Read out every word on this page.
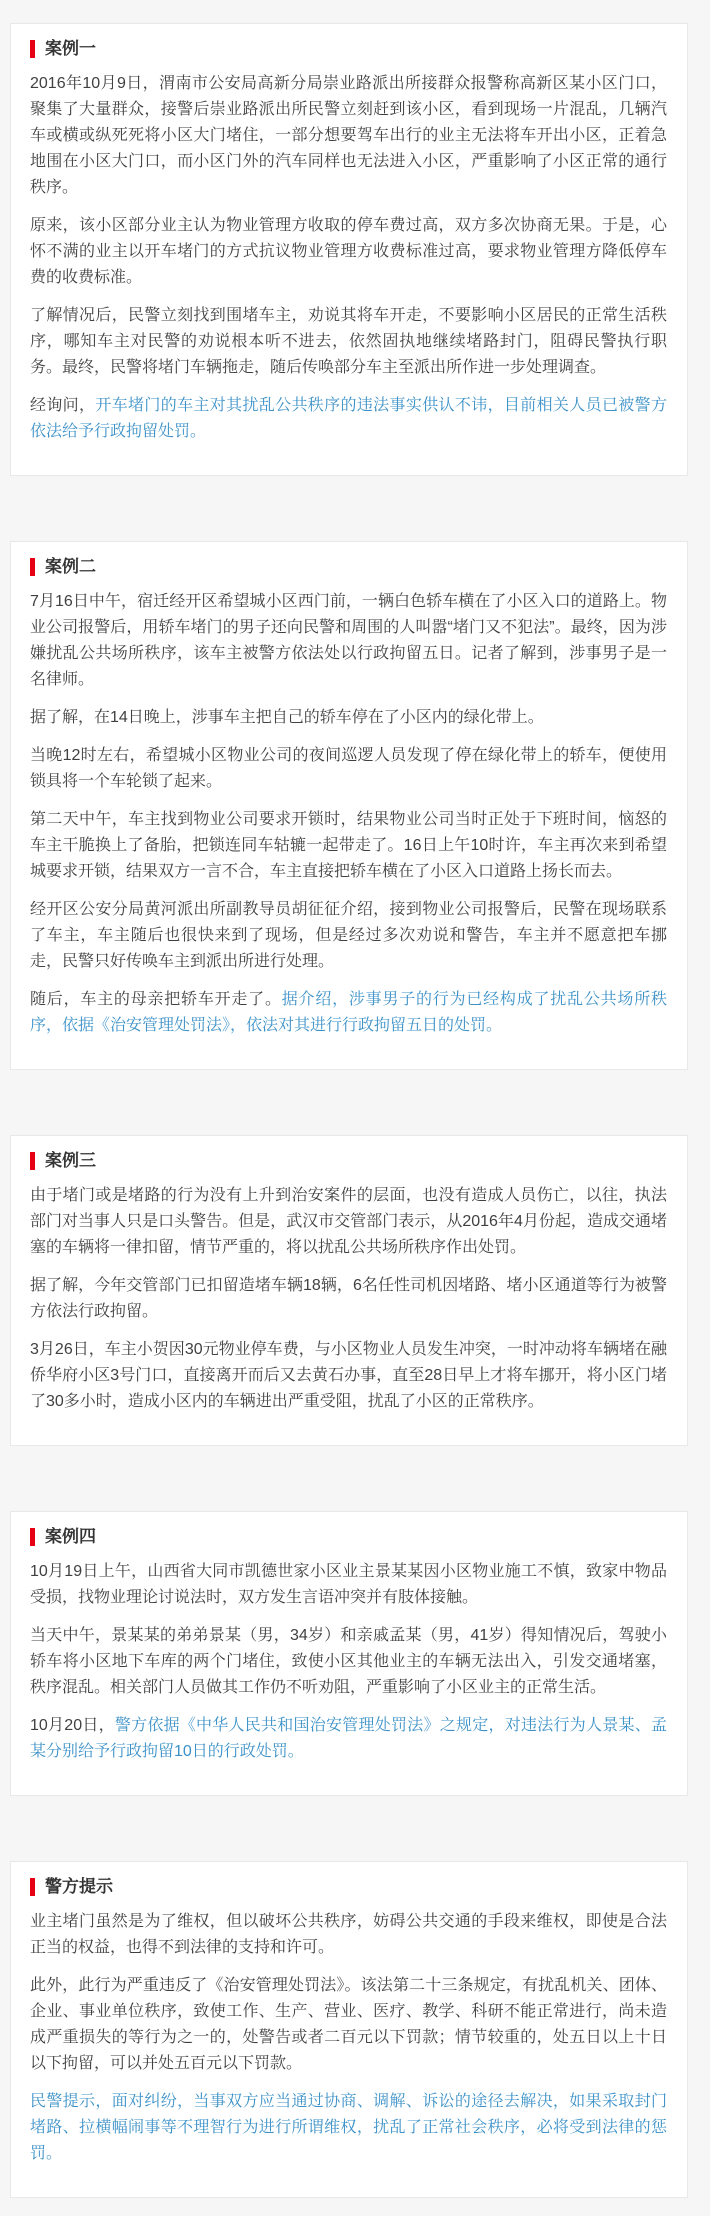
案例一

2016年10月9日，渭南市公安局高新分局崇业路派出所接群众报警称高新区某小区门口，聚集了大量群众，接警后崇业路派出所民警立刻赶到该小区，看到现场一片混乱，几辆汽车或横或纵死死将小区大门堵住，一部分想要驾车出行的业主无法将车开出小区，正着急地围在小区大门口，而小区门外的汽车同样也无法进入小区，严重影响了小区正常的通行秩序。

原来，该小区部分业主认为物业管理方收取的停车费过高，双方多次协商无果。于是，心怀不满的业主以开车堵门的方式抗议物业管理方收费标准过高，要求物业管理方降低停车费的收费标准。

了解情况后，民警立刻找到围堵车主，劝说其将车开走，不要影响小区居民的正常生活秩序，哪知车主对民警的劝说根本听不进去，依然固执地继续堵路封门，阻碍民警执行职务。最终，民警将堵门车辆拖走，随后传唤部分车主至派出所作进一步处理调查。

经询问，开车堵门的车主对其扰乱公共秩序的违法事实供认不讳，目前相关人员已被警方依法给予行政拘留处罚。

案例二

7月16日中午，宿迁经开区希望城小区西门前，一辆白色轿车横在了小区入口的道路上。物业公司报警后，用轿车堵门的男子还向民警和周围的人叫嚣“堵门又不犯法”。最终，因为涉嫌扰乱公共场所秩序，该车主被警方依法处以行政拘留五日。记者了解到，涉事男子是一名律师。

据了解，在14日晚上，涉事车主把自己的轿车停在了小区内的绿化带上。

当晚12时左右，希望城小区物业公司的夜间巡逻人员发现了停在绿化带上的轿车，便使用锁具将一个车轮锁了起来。

第二天中午，车主找到物业公司要求开锁时，结果物业公司当时正处于下班时间，恼怒的车主干脆换上了备胎，把锁连同车轱辘一起带走了。16日上午10时许，车主再次来到希望城要求开锁，结果双方一言不合，车主直接把轿车横在了小区入口道路上扬长而去。

经开区公安分局黄河派出所副教导员胡征征介绍，接到物业公司报警后，民警在现场联系了车主，车主随后也很快来到了现场，但是经过多次劝说和警告，车主并不愿意把车挪走，民警只好传唤车主到派出所进行处理。

随后，车主的母亲把轿车开走了。据介绍，涉事男子的行为已经构成了扰乱公共场所秩序，依据《治安管理处罚法》，依法对其进行行政拘留五日的处罚。

案例三

由于堵门或是堵路的行为没有上升到治安案件的层面，也没有造成人员伤亡，以往，执法部门对当事人只是口头警告。但是，武汉市交管部门表示，从2016年4月份起，造成交通堵塞的车辆将一律扣留，情节严重的，将以扰乱公共场所秩序作出处罚。

据了解，今年交管部门已扣留造堵车辆18辆，6名任性司机因堵路、堵小区通道等行为被警方依法行政拘留。

3月26日，车主小贺因30元物业停车费，与小区物业人员发生冲突，一时冲动将车辆堵在融侨华府小区3号门口，直接离开而后又去黄石办事，直至28日早上才将车挪开，将小区门堵了30多小时，造成小区内的车辆进出严重受阻，扰乱了小区的正常秩序。

案例四

10月19日上午，山西省大同市凯德世家小区业主景某某因小区物业施工不慎，致家中物品受损，找物业理论讨说法时，双方发生言语冲突并有肢体接触。

当天中午，景某某的弟弟景某（男，34岁）和亲戚孟某（男，41岁）得知情况后，驾驶小轿车将小区地下车库的两个门堵住，致使小区其他业主的车辆无法出入，引发交通堵塞，秩序混乱。相关部门人员做其工作仍不听劝阻，严重影响了小区业主的正常生活。

10月20日，警方依据《中华人民共和国治安管理处罚法》之规定，对违法行为人景某、孟某分别给予行政拘留10日的行政处罚。

警方提示

业主堵门虽然是为了维权，但以破坏公共秩序，妨碍公共交通的手段来维权，即使是合法正当的权益，也得不到法律的支持和许可。

此外，此行为严重违反了《治安管理处罚法》。该法第二十三条规定，有扰乱机关、团体、企业、事业单位秩序，致使工作、生产、营业、医疗、教学、科研不能正常进行，尚未造成严重损失的等行为之一的，处警告或者二百元以下罚款；情节较重的，处五日以上十日以下拘留，可以并处五百元以下罚款。

民警提示，面对纠纷，当事双方应当通过协商、调解、诉讼的途径去解决，如果采取封门堵路、拉横幅闹事等不理智行为进行所谓维权，扰乱了正常社会秩序，必将受到法律的惩罚。
